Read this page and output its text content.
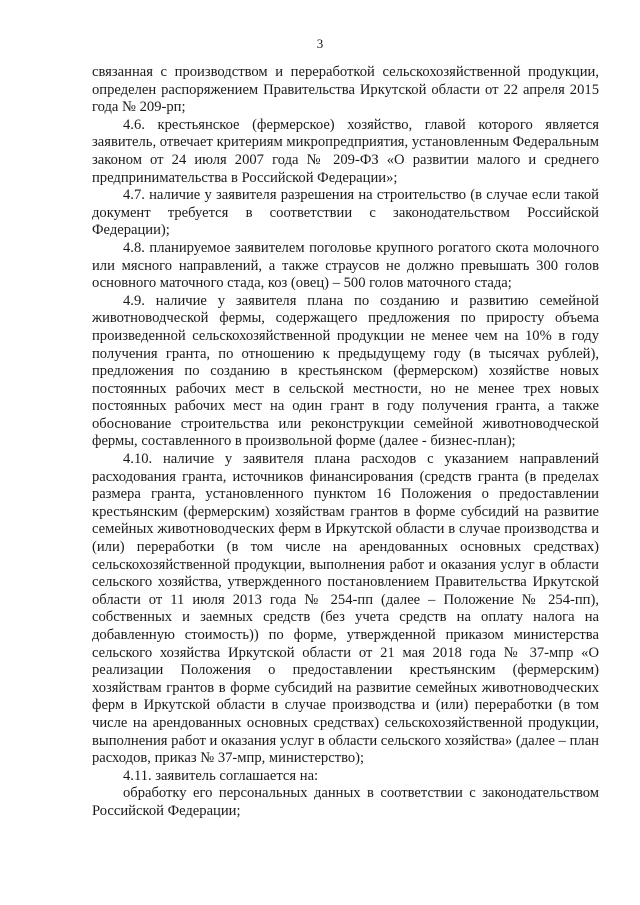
3

связанная с производством и переработкой сельскохозяйственной продукции, определен распоряжением Правительства Иркутской области от 22 апреля 2015 года № 209-рп;

4.6. крестьянское (фермерское) хозяйство, главой которого является заявитель, отвечает критериям микропредприятия, установленным Федеральным законом от 24 июля 2007 года № 209-ФЗ «О развитии малого и среднего предпринимательства в Российской Федерации»;

4.7. наличие у заявителя разрешения на строительство (в случае если такой документ требуется в соответствии с законодательством Российской Федерации);

4.8. планируемое заявителем поголовье крупного рогатого скота молочного или мясного направлений, а также страусов не должно превышать 300 голов основного маточного стада, коз (овец) – 500 голов маточного стада;

4.9. наличие у заявителя плана по созданию и развитию семейной животноводческой фермы, содержащего предложения по приросту объема произведенной сельскохозяйственной продукции не менее чем на 10% в году получения гранта, по отношению к предыдущему году (в тысячах рублей), предложения по созданию в крестьянском (фермерском) хозяйстве новых постоянных рабочих мест в сельской местности, но не менее трех новых постоянных рабочих мест на один грант в году получения гранта, а также обоснование строительства или реконструкции семейной животноводческой фермы, составленного в произвольной форме (далее - бизнес-план);

4.10. наличие у заявителя плана расходов с указанием направлений расходования гранта, источников финансирования (средств гранта (в пределах размера гранта, установленного пунктом 16 Положения о предоставлении крестьянским (фермерским) хозяйствам грантов в форме субсидий на развитие семейных животноводческих ферм в Иркутской области в случае производства и (или) переработки (в том числе на арендованных основных средствах) сельскохозяйственной продукции, выполнения работ и оказания услуг в области сельского хозяйства, утвержденного постановлением Правительства Иркутской области от 11 июля 2013 года № 254-пп (далее – Положение № 254-пп), собственных и заемных средств (без учета средств на оплату налога на добавленную стоимость)) по форме, утвержденной приказом министерства сельского хозяйства Иркутской области от 21 мая 2018 года № 37-мпр «О реализации Положения о предоставлении крестьянским (фермерским) хозяйствам грантов в форме субсидий на развитие семейных животноводческих ферм в Иркутской области в случае производства и (или) переработки (в том числе на арендованных основных средствах) сельскохозяйственной продукции, выполнения работ и оказания услуг в области сельского хозяйства» (далее – план расходов, приказ № 37-мпр, министерство);

4.11. заявитель соглашается на:

обработку его персональных данных в соответствии с законодательством Российской Федерации;
